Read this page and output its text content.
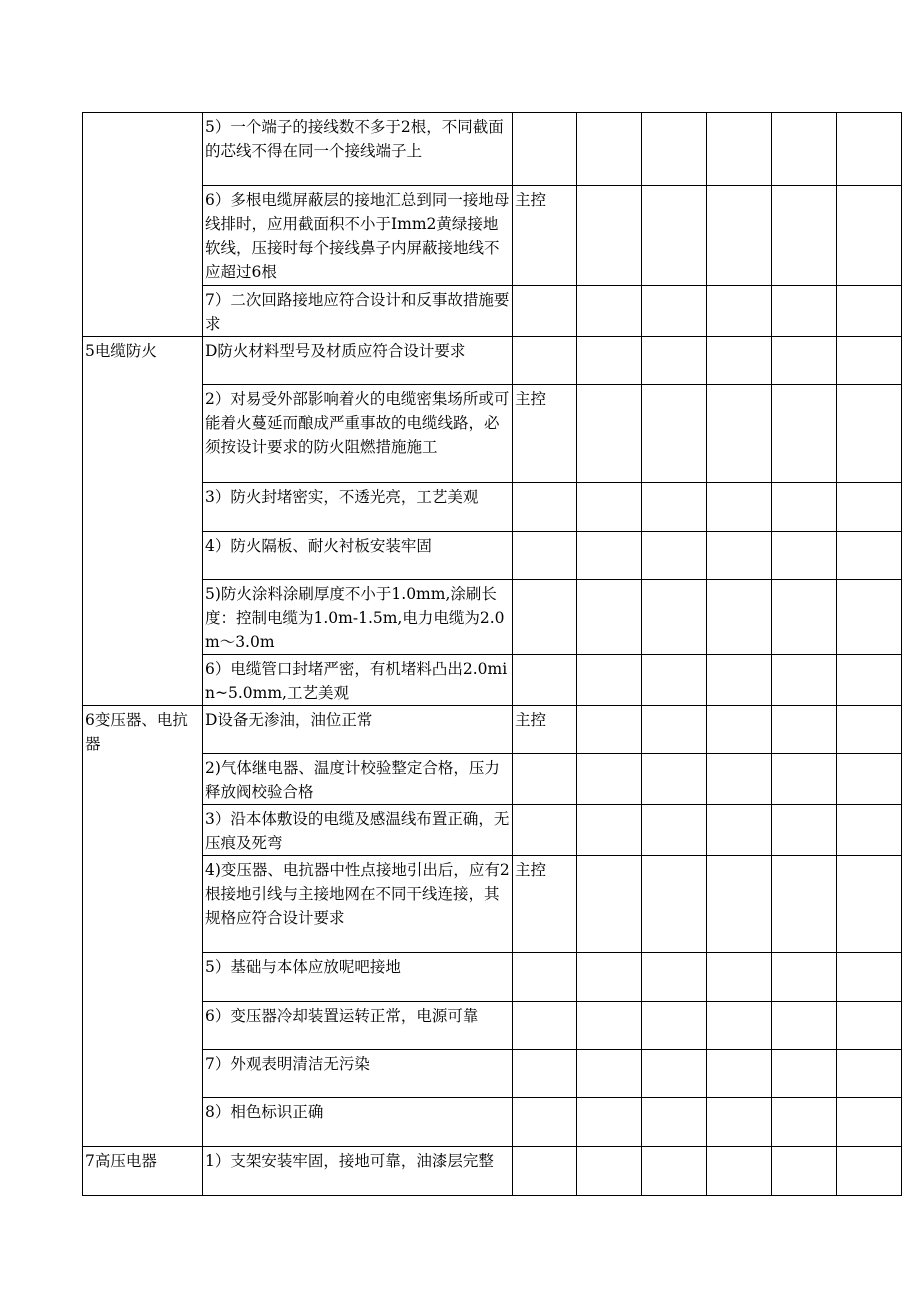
	5）一个端子的接线数不多于2根，不同截面的芯线不得在同一个接线端子上						
	6）多根电缆屏蔽层的接地汇总到同一接地母线排时，应用截面积不小于Imm2黄绿接地软线，压接时每个接线鼻子内屏蔽接地线不应超过6根	主控					
	7）二次回路接地应符合设计和反事故措施要求						
5电缆防火	D防火材料型号及材质应符合设计要求						
	2）对易受外部影响着火的电缆密集场所或可能着火蔓延而酿成严重事故的电缆线路，必须按设计要求的防火阻燃措施施工	主控					
	3）防火封堵密实，不透光亮，工艺美观						
	4）防火隔板、耐火衬板安装牢固						
	5)防火涂料涂刷厚度不小于1.0mm,涂刷长度：控制电缆为1.0m-1.5m,电力电缆为2.0m～3.0m						
	6）电缆管口封堵严密，有机堵料凸出2.0min~5.0mm,工艺美观						
6变压器、电抗器	D设备无渗油，油位正常	主控					
	2)气体继电器、温度计校验整定合格，压力释放阀校验合格						
	3）沿本体敷设的电缆及感温线布置正确，无压痕及死弯						
	4)变压器、电抗器中性点接地引出后，应有2根接地引线与主接地网在不同干线连接，其规格应符合设计要求	主控					
	5）基础与本体应放呢吧接地						
	6）变压器冷却装置运转正常，电源可靠						
	7）外观表明清洁无污染						
	8）相色标识正确						
7高压电器	1）支架安装牢固，接地可靠，油漆层完整						
